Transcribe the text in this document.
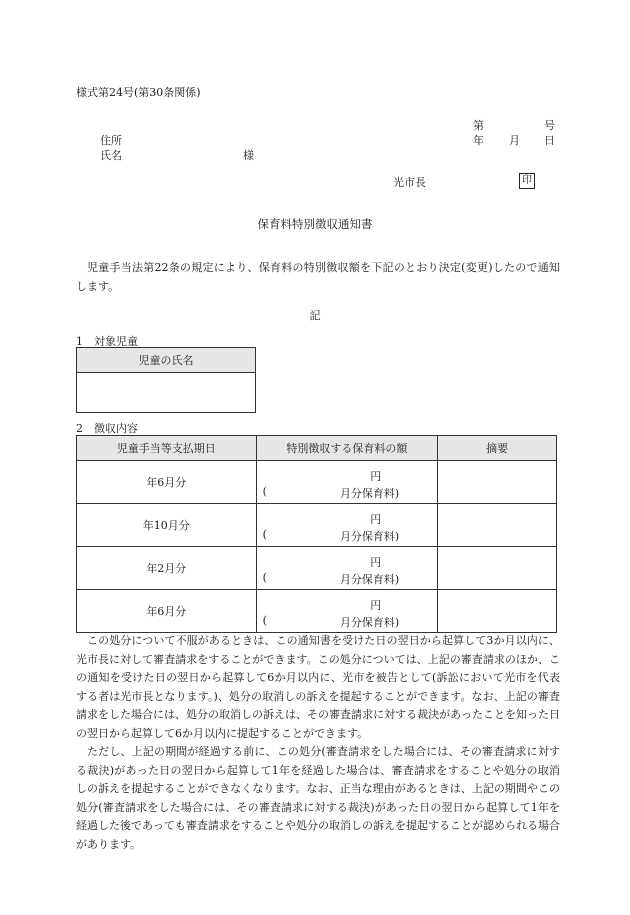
様式第24号(第30条関係)
第	号
住所	年 月 日
氏名	様
光市長	印
保育料特別徴収通知書
児童手当法第22条の規定により、保育料の特別徴収額を下記のとおり決定(変更)したので通知します。
記
1　対象児童
児童の氏名

2　徴収内容
児童手当等支払期日	特別徴収する保育料の額	摘要
年6月分	円
( 月分保育料)	

年10月分	円
( 月分保育料)	

年2月分	円
( 月分保育料)	

年6月分	円
( 月分保育料)	

この処分について不服があるときは、この通知書を受けた日の翌日から起算して3か月以内に、光市長に対して審査請求をすることができます。この処分については、上記の審査請求のほか、この通知を受けた日の翌日から起算して6か月以内に、光市を被告として(訴訟において光市を代表する者は光市長となります。)、処分の取消しの訴えを提起することができます。なお、上記の審査請求をした場合には、処分の取消しの訴えは、その審査請求に対する裁決があったことを知った日の翌日から起算して6か月以内に提起することができます。
ただし、上記の期間が経過する前に、この処分(審査請求をした場合には、その審査請求に対する裁決)があった日の翌日から起算して1年を経過した場合は、審査請求をすることや処分の取消しの訴えを提起することができなくなります。なお、正当な理由があるときは、上記の期間やこの処分(審査請求をした場合には、その審査請求に対する裁決)があった日の翌日から起算して1年を経過した後であっても審査請求をすることや処分の取消しの訴えを提起することが認められる場合があります。
